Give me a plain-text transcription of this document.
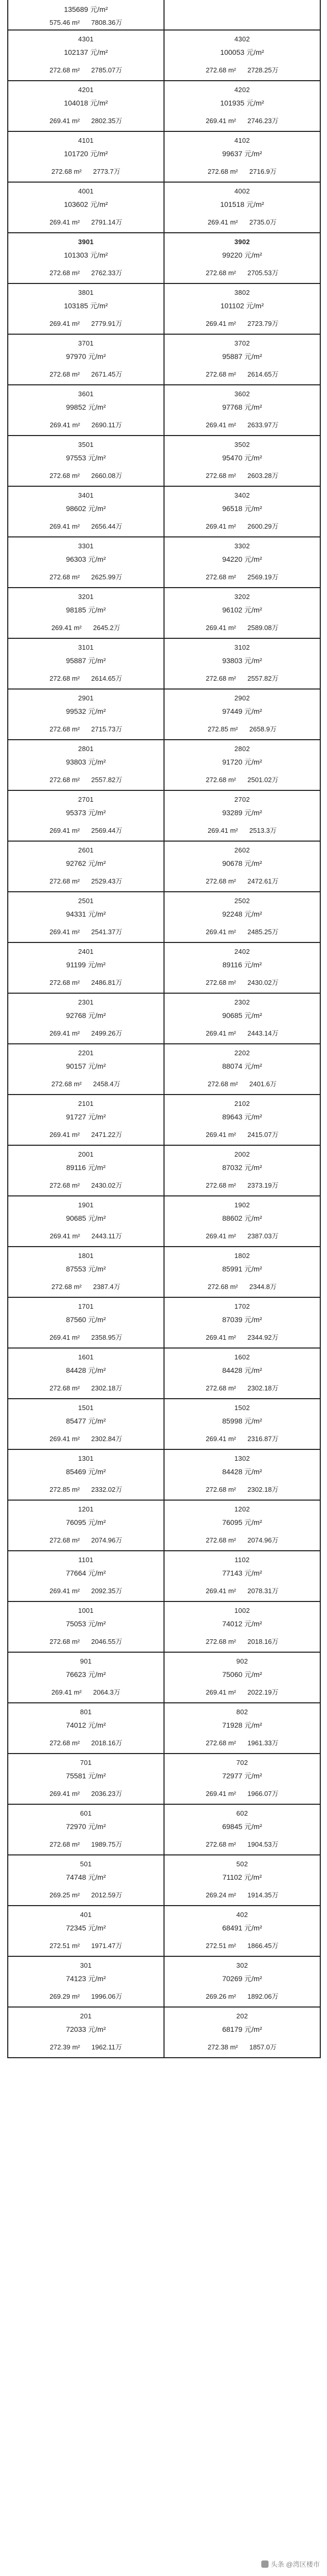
135689 元/m²
575.46 m² 7808.36万
4301
102137 元/m²
272.68 m² 2785.07万
4302
100053 元/m²
272.68 m² 2728.25万
4201
104018 元/m²
269.41 m² 2802.35万
4202
101935 元/m²
269.41 m² 2746.23万
4101
101720 元/m²
272.68 m² 2773.7万
4102
99637 元/m²
272.68 m² 2716.9万
4001
103602 元/m²
269.41 m² 2791.14万
4002
101518 元/m²
269.41 m² 2735.0万
3901
101303 元/m²
272.68 m² 2762.33万
3902
99220 元/m²
272.68 m² 2705.53万
3801
103185 元/m²
269.41 m² 2779.91万
3802
101102 元/m²
269.41 m² 2723.79万
3701
97970 元/m²
272.68 m² 2671.45万
3702
95887 元/m²
272.68 m² 2614.65万
3601
99852 元/m²
269.41 m² 2690.11万
3602
97768 元/m²
269.41 m² 2633.97万
3501
97553 元/m²
272.68 m² 2660.08万
3502
95470 元/m²
272.68 m² 2603.28万
3401
98602 元/m²
269.41 m² 2656.44万
3402
96518 元/m²
269.41 m² 2600.29万
3301
96303 元/m²
272.68 m² 2625.99万
3302
94220 元/m²
272.68 m² 2569.19万
3201
98185 元/m²
269.41 m² 2645.2万
3202
96102 元/m²
269.41 m² 2589.08万
3101
95887 元/m²
272.68 m² 2614.65万
3102
93803 元/m²
272.68 m² 2557.82万
2901
99532 元/m²
272.68 m² 2715.73万
2902
97449 元/m²
272.85 m² 2658.9万
2801
93803 元/m²
272.68 m² 2557.82万
2802
91720 元/m²
272.68 m² 2501.02万
2701
95373 元/m²
269.41 m² 2569.44万
2702
93289 元/m²
269.41 m² 2513.3万
2601
92762 元/m²
272.68 m² 2529.43万
2602
90678 元/m²
272.68 m² 2472.61万
2501
94331 元/m²
269.41 m² 2541.37万
2502
92248 元/m²
269.41 m² 2485.25万
2401
91199 元/m²
272.68 m² 2486.81万
2402
89116 元/m²
272.68 m² 2430.02万
2301
92768 元/m²
269.41 m² 2499.26万
2302
90685 元/m²
269.41 m² 2443.14万
2201
90157 元/m²
272.68 m² 2458.4万
2202
88074 元/m²
272.68 m² 2401.6万
2101
91727 元/m²
269.41 m² 2471.22万
2102
89643 元/m²
269.41 m² 2415.07万
2001
89116 元/m²
272.68 m² 2430.02万
2002
87032 元/m²
272.68 m² 2373.19万
1901
90685 元/m²
269.41 m² 2443.11万
1902
88602 元/m²
269.41 m² 2387.03万
1801
87553 元/m²
272.68 m² 2387.4万
1802
85991 元/m²
272.68 m² 2344.8万
1701
87560 元/m²
269.41 m² 2358.95万
1702
87039 元/m²
269.41 m² 2344.92万
1601
84428 元/m²
272.68 m² 2302.18万
1602
84428 元/m²
272.68 m² 2302.18万
1501
85477 元/m²
269.41 m² 2302.84万
1502
85998 元/m²
269.41 m² 2316.87万
1301
85469 元/m²
272.85 m² 2332.02万
1302
84428 元/m²
272.68 m² 2302.18万
1201
76095 元/m²
272.68 m² 2074.96万
1202
76095 元/m²
272.68 m² 2074.96万
1101
77664 元/m²
269.41 m² 2092.35万
1102
77143 元/m²
269.41 m² 2078.31万
1001
75053 元/m²
272.68 m² 2046.55万
1002
74012 元/m²
272.68 m² 2018.16万
901
76623 元/m²
269.41 m² 2064.3万
902
75060 元/m²
269.41 m² 2022.19万
801
74012 元/m²
272.68 m² 2018.16万
802
71928 元/m²
272.68 m² 1961.33万
701
75581 元/m²
269.41 m² 2036.23万
702
72977 元/m²
269.41 m² 1966.07万
601
72970 元/m²
272.68 m² 1989.75万
602
69845 元/m²
272.68 m² 1904.53万
501
74748 元/m²
269.25 m² 2012.59万
502
71102 元/m²
269.24 m² 1914.35万
401
72345 元/m²
272.51 m² 1971.47万
402
68491 元/m²
272.51 m² 1866.45万
301
74123 元/m²
269.29 m² 1996.06万
302
70269 元/m²
269.26 m² 1892.06万
201
72033 元/m²
272.39 m² 1962.11万
202
68179 元/m²
272.38 m² 1857.0万
头条 @湾区楼市
